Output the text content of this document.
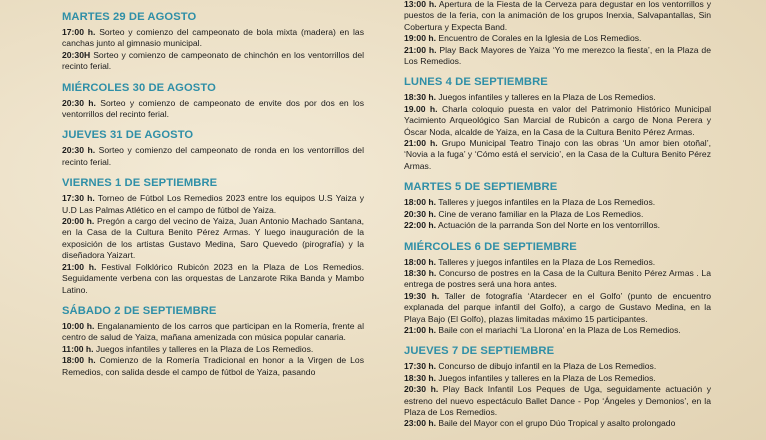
MARTES 29 DE AGOSTO

17:00 h. Sorteo y comienzo del campeonato de bola mixta (madera) en las canchas junto al gimnasio municipal.

20:30H Sorteo y comienzo de campeonato de chinchón en los ventorrillos del recinto ferial.

MIÉRCOLES 30 DE AGOSTO

20:30 h. Sorteo y comienzo de campeonato de envite dos por dos en los ventorrillos del recinto ferial.

JUEVES 31 DE AGOSTO

20:30 h. Sorteo y comienzo del campeonato de ronda en los ventorrillos del recinto ferial.

VIERNES 1 DE SEPTIEMBRE

17:30 h. Torneo de Fútbol Los Remedios 2023 entre los equipos U.S Yaiza y U.D Las Palmas Atlético en el campo de fútbol de Yaiza.

20:00 h. Pregón a cargo del vecino de Yaiza, Juan Antonio Machado Santana, en la Casa de la Cultura Benito Pérez Armas. Y luego inauguración de la exposición de los artistas Gustavo Medina, Saro Quevedo (pirografía) y la diseñadora Yaizart.

21:00 h. Festival Folklórico Rubicón 2023 en la Plaza de Los Remedios. Seguidamente verbena con las orquestas de Lanzarote Rika Banda y Mambo Latino.

SÁBADO 2 DE SEPTIEMBRE

10:00 h. Engalanamiento de los carros que participan en la Romería, frente al centro de salud de Yaiza, mañana amenizada con música popular canaria.

11:00 h. Juegos infantiles y talleres en la Plaza de Los Remedios.

18:00 h. Comienzo de la Romería Tradicional en honor a la Virgen de Los Remedios, con salida desde el campo de fútbol de Yaiza, pasando

13:00 h. Apertura de la Fiesta de la Cerveza para degustar en los ventorrillos y puestos de la feria, con la animación de los grupos Inerxia, Salvapantallas, Sin Cobertura y Expecta Band.

19:00 h. Encuentro de Corales en la Iglesia de Los Remedios.

21:00 h. Play Back Mayores de Yaiza ‘Yo me merezco la fiesta’, en la Plaza de Los Remedios.

LUNES 4 DE SEPTIEMBRE

18:30 h. Juegos infantiles y talleres en la Plaza de Los Remedios.

19.00 h. Charla coloquio puesta en valor del Patrimonio Histórico Municipal Yacimiento Arqueológico San Marcial de Rubicón a cargo de Nona Perera y Óscar Noda, alcalde de Yaiza, en la Casa de la Cultura Benito Pérez Armas.

21:00 h. Grupo Municipal Teatro Tinajo con las obras ‘Un amor bien otoñal’, ‘Novia a la fuga’ y ‘Cómo está el servicio’, en la Casa de la Cultura Benito Pérez Armas.

MARTES 5 DE SEPTIEMBRE

18:00 h. Talleres y juegos infantiles en la Plaza de Los Remedios.

20:30 h. Cine de verano familiar en la Plaza de Los Remedios.

22:00 h. Actuación de la parranda Son del Norte en los ventorrillos.

MIÉRCOLES 6 DE SEPTIEMBRE

18:00 h. Talleres y juegos infantiles en la Plaza de Los Remedios.

18:30 h. Concurso de postres en la Casa de la Cultura Benito Pérez Armas . La entrega de postres será una hora antes.

19:30 h. Taller de fotografía ‘Atardecer en el Golfo’ (punto de encuentro explanada del parque infantil del Golfo), a cargo de Gustavo Medina, en la Playa Bajo (El Golfo), plazas limitadas máximo 15 participantes.

21:00 h. Baile con el mariachi ‘La Llorona’ en la Plaza de Los Remedios.

JUEVES 7 DE SEPTIEMBRE

17:30 h. Concurso de dibujo infantil en la Plaza de Los Remedios.

18:30 h. Juegos infantiles y talleres en la Plaza de Los Remedios.

20:30 h. Play Back Infantil Los Peques de Uga, seguidamente actuación y estreno del nuevo espectáculo Ballet Dance - Pop ‘Ángeles y Demonios’, en la Plaza de Los Remedios.

23:00 h. Baile del Mayor con el grupo Dúo Tropical y asalto prolongado
